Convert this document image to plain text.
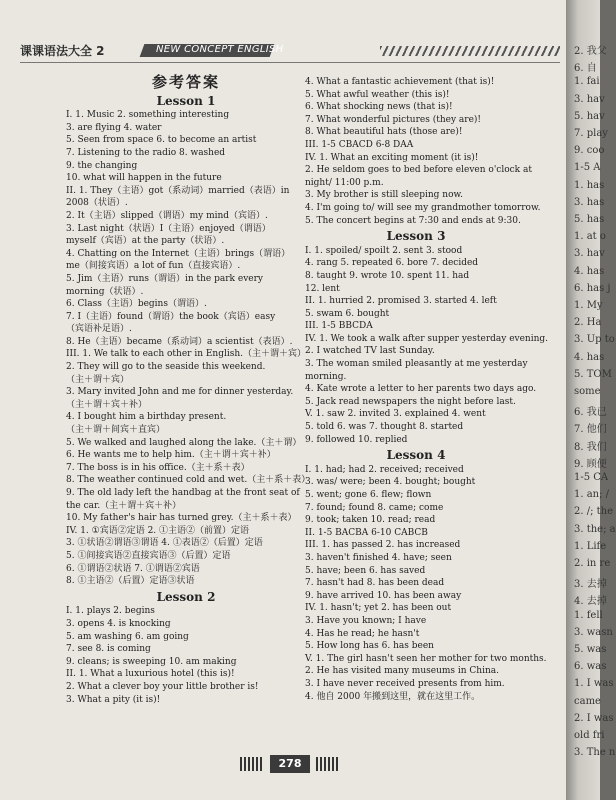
课课语法大全 2	NEW CONCEPT ENGLISH
参考答案
Lesson 1
I. 1. Music 2. something interesting
3. are flying 4. water
5. Seen from space 6. to become an artist
7. Listening to the radio 8. washed
9. the changing
10. what will happen in the future
II. 1. They（主语）got（系动词）married（表语）in
2008（状语）.
2. It（主语）slipped（谓语）my mind（宾语）.
3. Last night（状语）I（主语）enjoyed（谓语）
myself（宾语）at the party（状语）.
4. Chatting on the Internet（主语）brings（谓语）
me（间接宾语）a lot of fun（直接宾语）.
5. Jim（主语）runs（谓语）in the park every
morning（状语）.
6. Class（主语）begins（谓语）.
7. I（主语）found（谓语）the book（宾语）easy
（宾语补足语）.
8. He（主语）became（系动词）a scientist（表语）.
III. 1. We talk to each other in English.（主＋谓＋宾）
2. They will go to the seaside this weekend.
（主＋谓＋宾）
3. Mary invited John and me for dinner yesterday.
（主＋谓＋宾＋补）
4. I bought him a birthday present.
（主＋谓＋间宾＋直宾）
5. We walked and laughed along the lake.（主＋谓）
6. He wants me to help him.（主＋谓＋宾＋补）
7. The boss is in his office.（主＋系＋表）
8. The weather continued cold and wet.（主＋系＋表）
9. The old lady left the handbag at the front seat of
the car.（主＋谓＋宾＋补）
10. My father's hair has turned grey.（主＋系＋表）
IV. 1. ①宾语②定语 2. ①主语②（前置）定语
3. ①状语②谓语③谓语 4. ①表语②（后置）定语
5. ①间接宾语②直接宾语③（后置）定语
6. ①谓语②状语 7. ①谓语②宾语
8. ①主语②（后置）定语③状语
Lesson 2
I. 1. plays 2. begins
3. opens 4. is knocking
5. am washing 6. am going
7. see 8. is coming
9. cleans; is sweeping 10. am making
II. 1. What a luxurious hotel (this is)!
2. What a clever boy your little brother is!
3. What a pity (it is)!
4. What a fantastic achievement (that is)!
5. What awful weather (this is)!
6. What shocking news (that is)!
7. What wonderful pictures (they are)!
8. What beautiful hats (those are)!
III. 1-5 CBACD 6-8 DAA
IV. 1. What an exciting moment (it is)!
2. He seldom goes to bed before eleven o'clock at
night/ 11:00 p.m.
3. My brother is still sleeping now.
4. I'm going to/ will see my grandmother tomorrow.
5. The concert begins at 7:30 and ends at 9:30.
Lesson 3
I. 1. spoiled/ spoilt 2. sent 3. stood
4. rang 5. repeated 6. bore 7. decided
8. taught 9. wrote 10. spent 11. had
12. lent
II. 1. hurried 2. promised 3. started 4. left
5. swam 6. bought
III. 1-5 BBCDA
IV. 1. We took a walk after supper yesterday evening.
2. I watched TV last Sunday.
3. The woman smiled pleasantly at me yesterday
morning.
4. Kate wrote a letter to her parents two days ago.
5. Jack read newspapers the night before last.
V. 1. saw 2. invited 3. explained 4. went
5. told 6. was 7. thought 8. started
9. followed 10. replied
Lesson 4
I. 1. had; had 2. received; received
3. was/ were; been 4. bought; bought
5. went; gone 6. flew; flown
7. found; found 8. came; come
9. took; taken 10. read; read
II. 1-5 BACBA 6-10 CABCB
III. 1. has passed 2. has increased
3. haven't finished 4. have; seen
5. have; been 6. has saved
7. hasn't had 8. has been dead
9. have arrived 10. has been away
IV. 1. hasn't; yet 2. has been out
3. Have you known; I have
4. Has he read; he hasn't
5. How long has 6. has been
V. 1. The girl hasn't seen her mother for two months.
2. He has visited many museums in China.
3. I have never received presents from him.
4. 他自 2000 年搬到这里，就在这里工作。
278
2. 我父
6. 自
1. fai
3. hav
5. hav
7. play
9. coo
1-5 A
1. has
3. has
5. has
1. at o
3. hav
4. has
6. has j
1. My
2. Ha
3. Up to
4. has
5. TOM
some
6. 我已
7. 他们
8. 我们
9. 顾便
1-5 CA
1. an; /
2. /; the
3. the; a
1. Life
2. in re
3. 去掉
4. 去掉
1. fell
3. wasn
5. was
6. was
1. I was
came
2. I was
old fri
3. The n
